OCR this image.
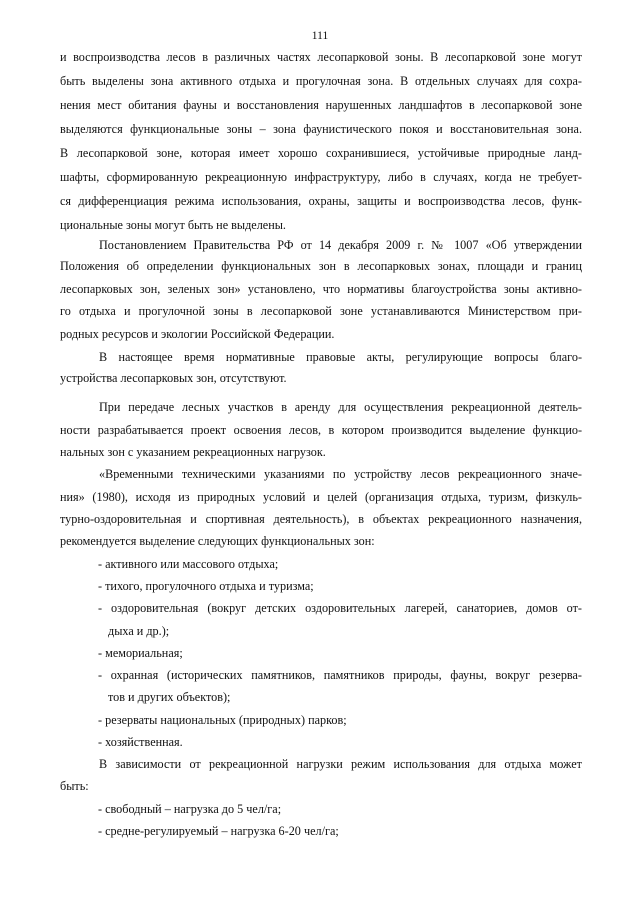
111
и воспроизводства лесов в различных частях лесопарковой зоны. В лесопарковой зоне могут
быть выделены зона активного отдыха и прогулочная зона. В отдельных случаях для сохра-
нения мест обитания фауны и восстановления нарушенных ландшафтов в лесопарковой зоне
выделяются функциональные зоны – зона фаунистического покоя и восстановительная зона.
В лесопарковой зоне, которая имеет хорошо сохранившиеся, устойчивые природные ланд-
шафты, сформированную рекреационную инфраструктуру, либо в случаях, когда не требует-
ся дифференциация режима использования, охраны, защиты и воспроизводства лесов, функ-
циональные зоны могут быть не выделены.
Постановлением Правительства РФ от 14 декабря 2009 г. № 1007 «Об утверждении
Положения об определении функциональных зон в лесопарковых зонах, площади и границ
лесопарковых зон, зеленых зон» установлено, что нормативы благоустройства зоны активно-
го отдыха и прогулочной зоны в лесопарковой зоне устанавливаются Министерством при-
родных ресурсов и экологии Российской Федерации.
В настоящее время нормативные правовые акты, регулирующие вопросы благо-
устройства лесопарковых зон, отсутствуют.
При передаче лесных участков в аренду для осуществления рекреационной деятель-
ности разрабатывается проект освоения лесов, в котором производится выделение функцио-
нальных зон с указанием рекреационных нагрузок.
«Временными техническими указаниями по устройству лесов рекреационного значе-
ния» (1980), исходя из природных условий и целей (организация отдыха, туризм, физкуль-
турно-оздоровительная и спортивная деятельность), в объектах рекреационного назначения,
рекомендуется выделение следующих функциональных зон:
- активного или массового отдыха;
- тихого, прогулочного отдыха и туризма;
- оздоровительная (вокруг детских оздоровительных лагерей, санаториев, домов от-
дыха и др.);
- мемориальная;
- охранная (исторических памятников, памятников природы, фауны, вокруг резерва-
тов и других объектов);
- резерваты национальных (природных) парков;
- хозяйственная.
В зависимости от рекреационной нагрузки режим использования для отдыха может
быть:
- свободный – нагрузка до 5 чел/га;
- средне-регулируемый – нагрузка 6-20 чел/га;
